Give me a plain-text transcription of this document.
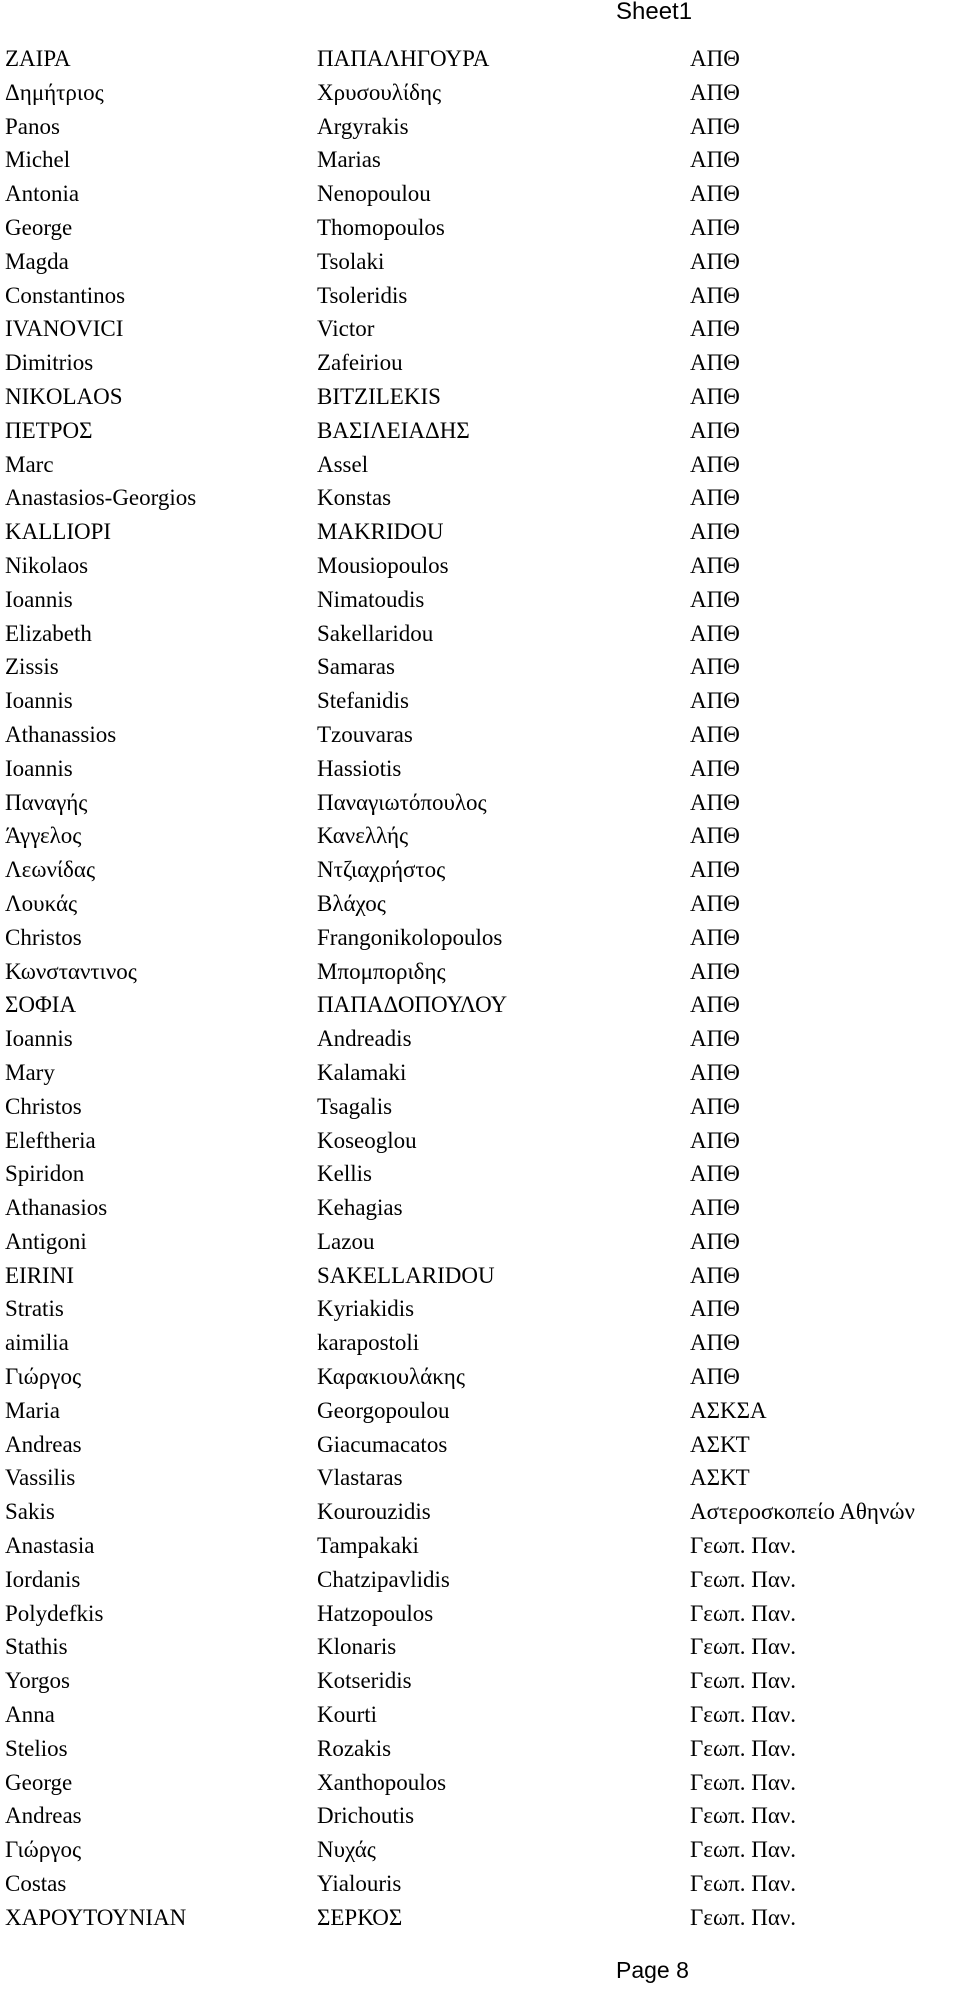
Sheet1
ΖΑΙΡΑ	ΠΑΠΑΛΗΓΟΥΡΑ	ΑΠΘ
Δημήτριος	Χρυσουλίδης	ΑΠΘ
Panos	Argyrakis	ΑΠΘ
Michel	Marias	ΑΠΘ
Antonia	Nenopoulou	ΑΠΘ
George	Thomopoulos	ΑΠΘ
Magda	Tsolaki	ΑΠΘ
Constantinos	Tsoleridis	ΑΠΘ
IVANOVICI	Victor	ΑΠΘ
Dimitrios	Zafeiriou	ΑΠΘ
NIKOLAOS	BITZILEKIS	ΑΠΘ
ΠΕΤΡΟΣ	ΒΑΣΙΛΕΙΑΔΗΣ	ΑΠΘ
Marc	Assel	ΑΠΘ
Anastasios-Georgios	Konstas	ΑΠΘ
KALLIOPI	MAKRIDOU	ΑΠΘ
Nikolaos	Mousiopoulos	ΑΠΘ
Ioannis	Nimatoudis	ΑΠΘ
Elizabeth	Sakellaridou	ΑΠΘ
Zissis	Samaras	ΑΠΘ
Ioannis	Stefanidis	ΑΠΘ
Athanassios	Tzouvaras	ΑΠΘ
Ioannis	Hassiotis	ΑΠΘ
Παναγής	Παναγιωτόπουλος	ΑΠΘ
Άγγελος	Κανελλής	ΑΠΘ
Λεωνίδας	Ντζιαχρήστος	ΑΠΘ
Λουκάς	Βλάχος	ΑΠΘ
Christos	Frangonikolopoulos	ΑΠΘ
Κωνσταντινος	Μπομποριδης	ΑΠΘ
ΣΟΦΙΑ	ΠΑΠΑΔΟΠΟΥΛΟΥ	ΑΠΘ
Ioannis	Andreadis	ΑΠΘ
Mary	Kalamaki	ΑΠΘ
Christos	Tsagalis	ΑΠΘ
Eleftheria	Koseoglou	ΑΠΘ
Spiridon	Kellis	ΑΠΘ
Athanasios	Kehagias	ΑΠΘ
Antigoni	Lazou	ΑΠΘ
EIRINI	SAKELLARIDOU	ΑΠΘ
Stratis	Kyriakidis	ΑΠΘ
aimilia	karapostoli	ΑΠΘ
Γιώργος	Καρακιουλάκης	ΑΠΘ
Maria	Georgopoulou	ΑΣΚΣΑ
Andreas	Giacumacatos	ΑΣΚΤ
Vassilis	Vlastaras	ΑΣΚΤ
Sakis	Kourouzidis	Αστεροσκοπείο Αθηνών
Anastasia	Tampakaki	Γεωπ. Παν.
Iordanis	Chatzipavlidis	Γεωπ. Παν.
Polydefkis	Hatzopoulos	Γεωπ. Παν.
Stathis	Klonaris	Γεωπ. Παν.
Yorgos	Kotseridis	Γεωπ. Παν.
Anna	Kourti	Γεωπ. Παν.
Stelios	Rozakis	Γεωπ. Παν.
George	Xanthopoulos	Γεωπ. Παν.
Andreas	Drichoutis	Γεωπ. Παν.
Γιώργος	Νυχάς	Γεωπ. Παν.
Costas	Yialouris	Γεωπ. Παν.
ΧΑΡΟΥΤΟΥΝΙΑΝ	ΣΕΡΚΟΣ	Γεωπ. Παν.
Page 8
